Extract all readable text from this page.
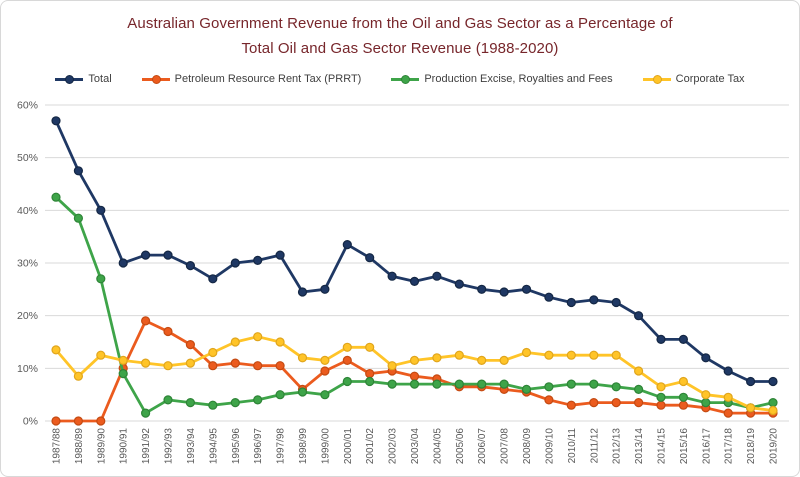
Australian Government Revenue from the Oil and Gas Sector as a Percentage of
Total Oil and Gas Sector Revenue (1988-2020)
Total	Petroleum Resource Rent Tax (PRRT)	Production Excise, Royalties and Fees	Corporate Tax
0%
10%
20%
30%
40%
50%
60%
1987/88 1988/89 1989/90 1990/91 1991/92 1992/93 1993/94 1994/95 1995/96 1996/97 1997/98 1998/99 1999/00 2000/01 2001/02 2002/03 2003/04 2004/05 2005/06 2006/07 2007/08 2008/09 2009/10 2010/11 2011/12 2012/13 2013/14 2014/15 2015/16 2016/17 2017/18 2018/19 2019/20
